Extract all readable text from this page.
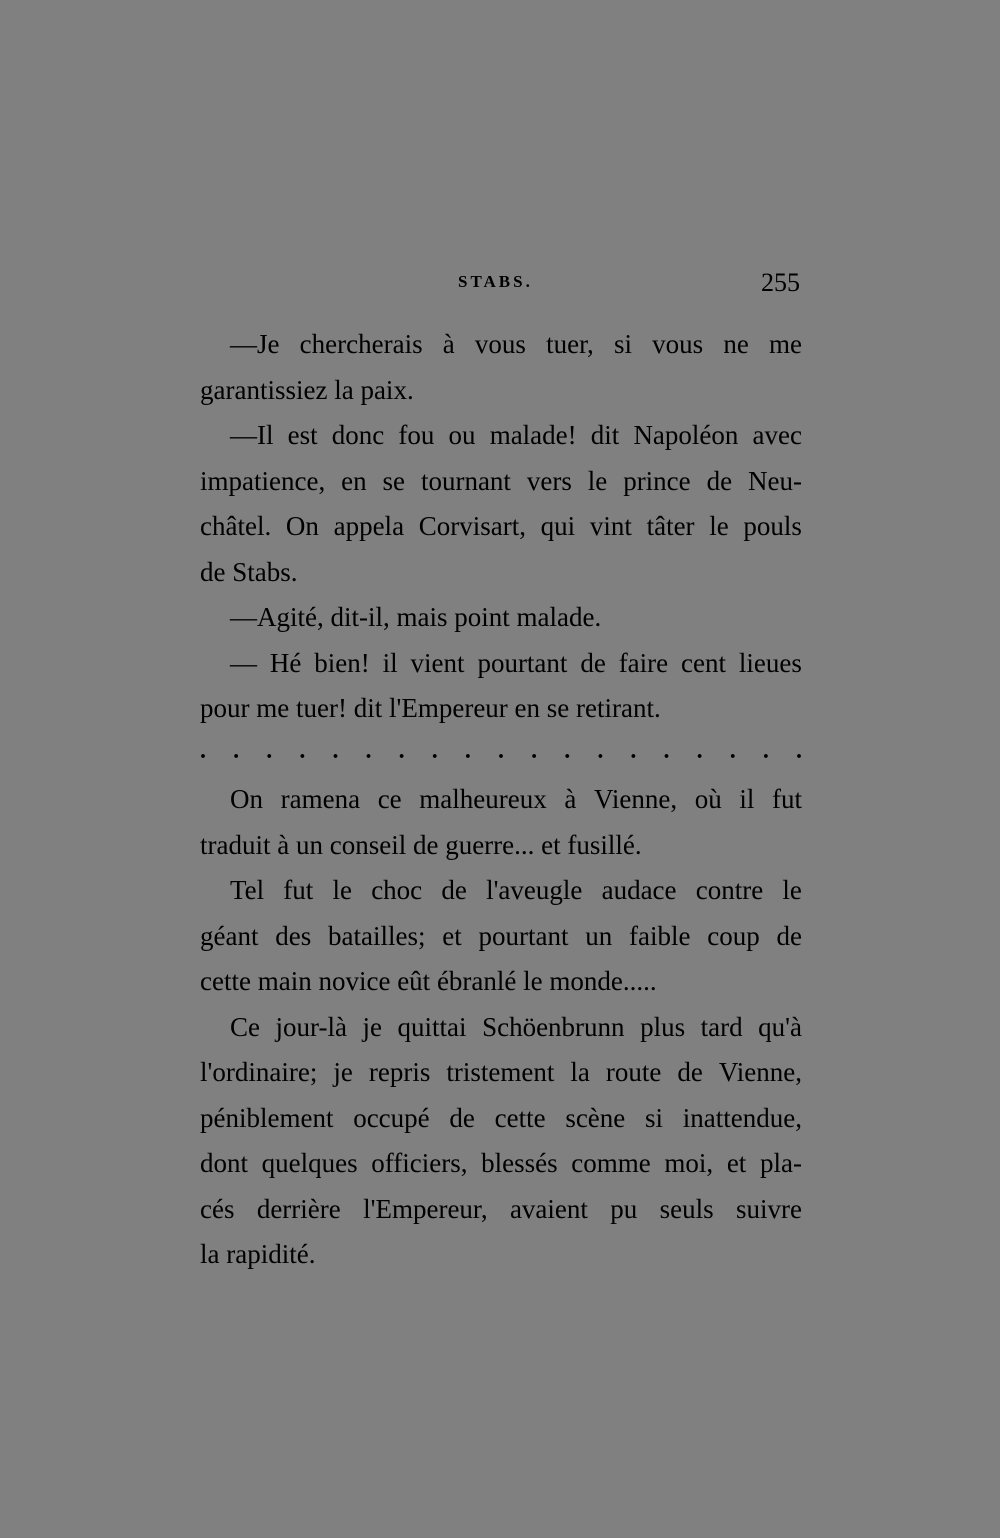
STABS.	255
—Je chercherais à vous tuer, si vous ne me
garantissiez
la
paix.
—Il est donc fou ou malade! dit Napoléon avec
impatience, en se tournant vers le prince de Neu-
châtel. On appela Corvisart, qui vint tâter le pouls
de
Stabs.
—Agité,
dit-il,
mais
point
malade.
— Hé bien! il vient pourtant de faire cent lieues
pour
me
tuer!
dit
l'Empereur
en
se
retirant.
. . . . . . . . . . . . . . . . . . .
On ramena ce malheureux à Vienne, où il fut
traduit
à
un
conseil
de
guerre...
et
fusillé.
Tel fut le choc de l'aveugle audace contre le
géant des batailles; et pourtant un faible coup de
cette
main
novice
eût
ébranlé
le
monde.....
Ce jour-là je quittai Schöenbrunn plus tard qu'à
l'ordinaire; je repris tristement la route de Vienne,
péniblement occupé de cette scène si inattendue,
dont quelques officiers, blessés comme moi, et pla-
cés derrière l'Empereur, avaient pu seuls suivre
la
rapidité.
